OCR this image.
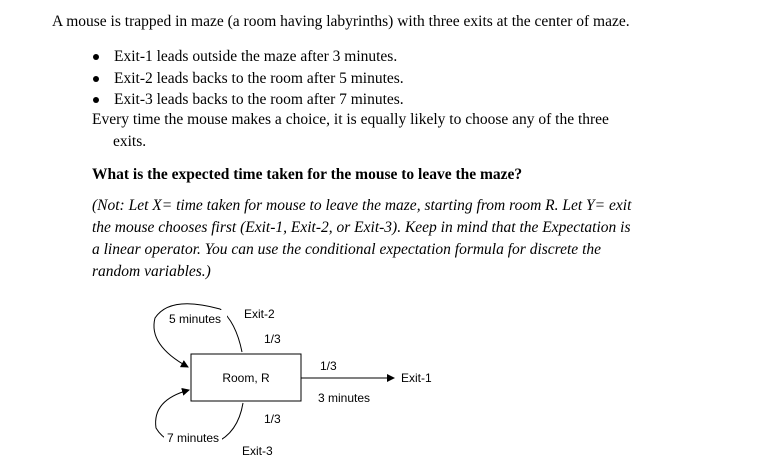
A mouse is trapped in maze (a room having labyrinths) with three exits at the center of maze.
Exit-1 leads outside the maze after 3 minutes.
Exit-2 leads backs to the room after 5 minutes.
Exit-3 leads backs to the room after 7 minutes.
Every time the mouse makes a choice, it is equally likely to choose any of the three
exits.
What is the expected time taken for the mouse to leave the maze?
(Not: Let X= time taken for mouse to leave the maze, starting from room R. Let Y= exit
the mouse chooses first (Exit-1, Exit-2, or Exit-3). Keep in mind that the Expectation is
a linear operator. You can use the conditional expectation formula for discrete the
random variables.)
Room, R
5 minutes Exit-2
1/3
7 minutes
1/3
Exit-3
1/3
Exit-1
3 minutes
